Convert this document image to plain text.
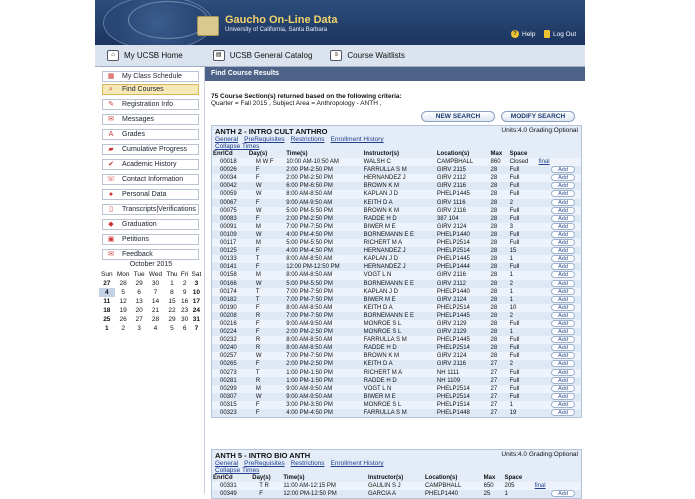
Gaucho On-Line Data
University of California, Santa Barbara
? Help	Log Out
⌂	My UCSB Home	▤	UCSB General Catalog	≡	Course Waitlists
▦ My Class Schedule
⌕	Find Courses
✎ Registration Info
✉ Messages
A	Grades
▰	Cumulative Progress
✔ Academic History
☏ Contact Information
●	Personal Data
▯	Transcripts|Verifications
◆	Graduation
▣ Petitions
✉ Feedback
October 2015
Sun	Mon	Tue	Wed	Thu	Fri	Sat
27	28	29	30	1	2	3
4	5	6	7	8	9	10
11	12	13	14	15	16	17
18	19	20	21	22	23	24
25	26	27	28	29	30	31
1	2	3	4	5	6	7
Find Course Results
75 Course Section(s) returned based on the following criteria:
Quarter = Fall 2015 , Subject Area = Anthropology - ANTH ,
NEW SEARCH	MODIFY SEARCH
ANTH 2 - INTRO CULT ANTHRO	Units:4.0 Grading:Optional
General PreRequisites Restrictions Enrollment History
Collapse Times
EnrlCd	Day(s)	Time(s)	Instructor(s)	Location(s)	Max	Space	
00018	M W F	10:00 AM-10:50 AM	WALSH C	CAMPBHALL	860	Closed	final
00026	F	2:00 PM-2:50 PM	FARRULLA S M	GIRV 2115	28	Full	Add
00034	F	2:00 PM-2:50 PM	HERNANDEZ J	GIRV 2112	28	Full	Add
00042	W	6:00 PM-6:50 PM	BROWN K M	GIRV 2116	28	Full	Add
00059	W	8:00 AM-8:50 AM	KAPLAN J D	PHELP1445	28	Full	Add
00067	F	9:00 AM-9:50 AM	KEITH D A	GIRV 1116	28	2	Add
00075	W	5:00 PM-5:50 PM	BROWN K M	GIRV 2116	28	Full	Add
00083	F	2:00 PM-2:50 PM	RADDE H D	387 104	28	Full	Add
00091	M	7:00 PM-7:50 PM	BIWER M E	GIRV 2124	28	3	Add
00109	W	4:00 PM-4:50 PM	BORNEMANN E E	PHELP1440	28	Full	Add
00117	M	5:00 PM-5:50 PM	RICHERT M A	PHELP2514	28	Full	Add
00125	F	4:00 PM-4:50 PM	HERNANDEZ J	PHELP2514	28	15	Add
00133	T	8:00 AM-8:50 AM	KAPLAN J D	PHELP1445	28	1	Add
00141	F	12:00 PM-12:50 PM	HERNANDEZ J	PHELP1444	28	Full	Add
00158	M	8:00 AM-8:50 AM	VOGT L N	GIRV 2116	28	1	Add
00166	W	5:00 PM-5:50 PM	BORNEMANN E E	GIRV 2112	28	2	Add
00174	T	7:00 PM-7:50 PM	KAPLAN J D	PHELP1440	28	1	Add
00182	T	7:00 PM-7:50 PM	BIWER M E	GIRV 2124	28	1	Add
00190	F	8:00 AM-8:50 AM	KEITH D A	PHELP2514	28	10	Add
00208	R	7:00 PM-7:50 PM	BORNEMANN E E	PHELP1445	28	2	Add
00216	F	9:00 AM-9:50 AM	MONROE S L	GIRV 2129	28	Full	Add
00224	F	2:00 PM-2:50 PM	MONROE S L	GIRV 2129	28	1	Add
00232	R	8:00 AM-8:50 AM	FARRULLA S M	PHELP1445	28	Full	Add
00240	R	8:00 AM-8:50 AM	RADDE H D	PHELP2514	28	Full	Add
00257	W	7:00 PM-7:50 PM	BROWN K M	GIRV 2124	28	Full	Add
00265	F	2:00 PM-2:50 PM	KEITH D A	GIRV 2116	27	2	Add
00273	T	1:00 PM-1:50 PM	RICHERT M A	NH 1111	27	Full	Add
00281	R	1:00 PM-1:50 PM	RADDE H D	NH 1109	27	Full	Add
00299	M	9:00 AM-9:50 AM	VOGT L N	PHELP2514	27	Full	Add
00307	W	9:00 AM-9:50 AM	BIWER M E	PHELP2514	27	Full	Add
00315	F	3:00 PM-3:50 PM	MONROE S L	PHELP1514	27	1	Add
00323	F	4:00 PM-4:50 PM	FARRULLA S M	PHELP1448	27	19	Add
ANTH 5 - INTRO BIO ANTH	Units:4.0 Grading:Optional
General PreRequisites Restrictions Enrollment History
Collapse Times
EnrlCd	Day(s)	Time(s)	Instructor(s)	Location(s)	Max	Space	
00331	T R	11:00 AM-12:15 PM	GAULIN S J	CAMPBHALL	650	205	final
00349	F	12:00 PM-12:50 PM	GARCIA A	PHELP1440	25	1	Add
